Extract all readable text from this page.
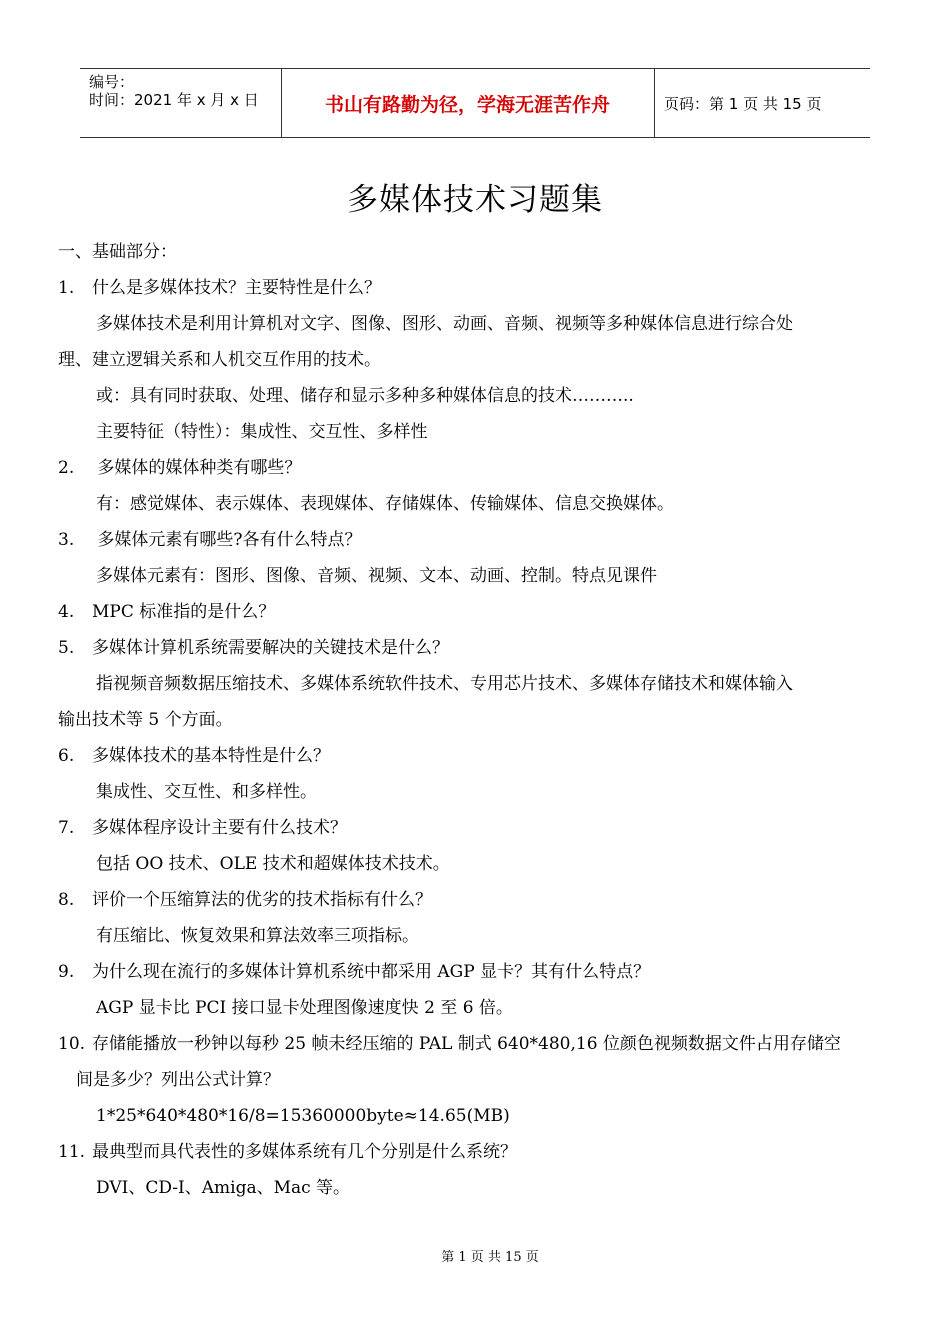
编号：
时间：2021 年 x 月 x 日	书山有路勤为径，学海无涯苦作舟	页码：第 1 页 共 15 页
多媒体技术习题集
一、基础部分：
1. 什么是多媒体技术？主要特性是什么？
多媒体技术是利用计算机对文字、图像、图形、动画、音频、视频等多种媒体信息进行综合处
理、建立逻辑关系和人机交互作用的技术。
或：具有同时获取、处理、储存和显示多种多种媒体信息的技术………..
主要特征（特性）：集成性、交互性、多样性
2. 多媒体的媒体种类有哪些？
有：感觉媒体、表示媒体、表现媒体、存储媒体、传输媒体、信息交换媒体。
3. 多媒体元素有哪些?各有什么特点？
多媒体元素有：图形、图像、音频、视频、文本、动画、控制。特点见课件
4. MPC 标准指的是什么？
5. 多媒体计算机系统需要解决的关键技术是什么？
指视频音频数据压缩技术、多媒体系统软件技术、专用芯片技术、多媒体存储技术和媒体输入
输出技术等 5 个方面。
6. 多媒体技术的基本特性是什么？
集成性、交互性、和多样性。
7. 多媒体程序设计主要有什么技术？
包括 OO 技术、OLE 技术和超媒体技术技术。
8. 评价一个压缩算法的优劣的技术指标有什么？
有压缩比、恢复效果和算法效率三项指标。
9. 为什么现在流行的多媒体计算机系统中都采用 AGP 显卡？其有什么特点？
AGP 显卡比 PCI 接口显卡处理图像速度快 2 至 6 倍。
10. 存储能播放一秒钟以每秒 25 帧未经压缩的 PAL 制式 640*480,16 位颜色视频数据文件占用存储空
间是多少？列出公式计算？
1*25*640*480*16/8=15360000byte≈14.65(MB)
11. 最典型而具代表性的多媒体系统有几个分别是什么系统？
DVI、CD-I、Amiga、Mac 等。
第 1 页 共 15 页
